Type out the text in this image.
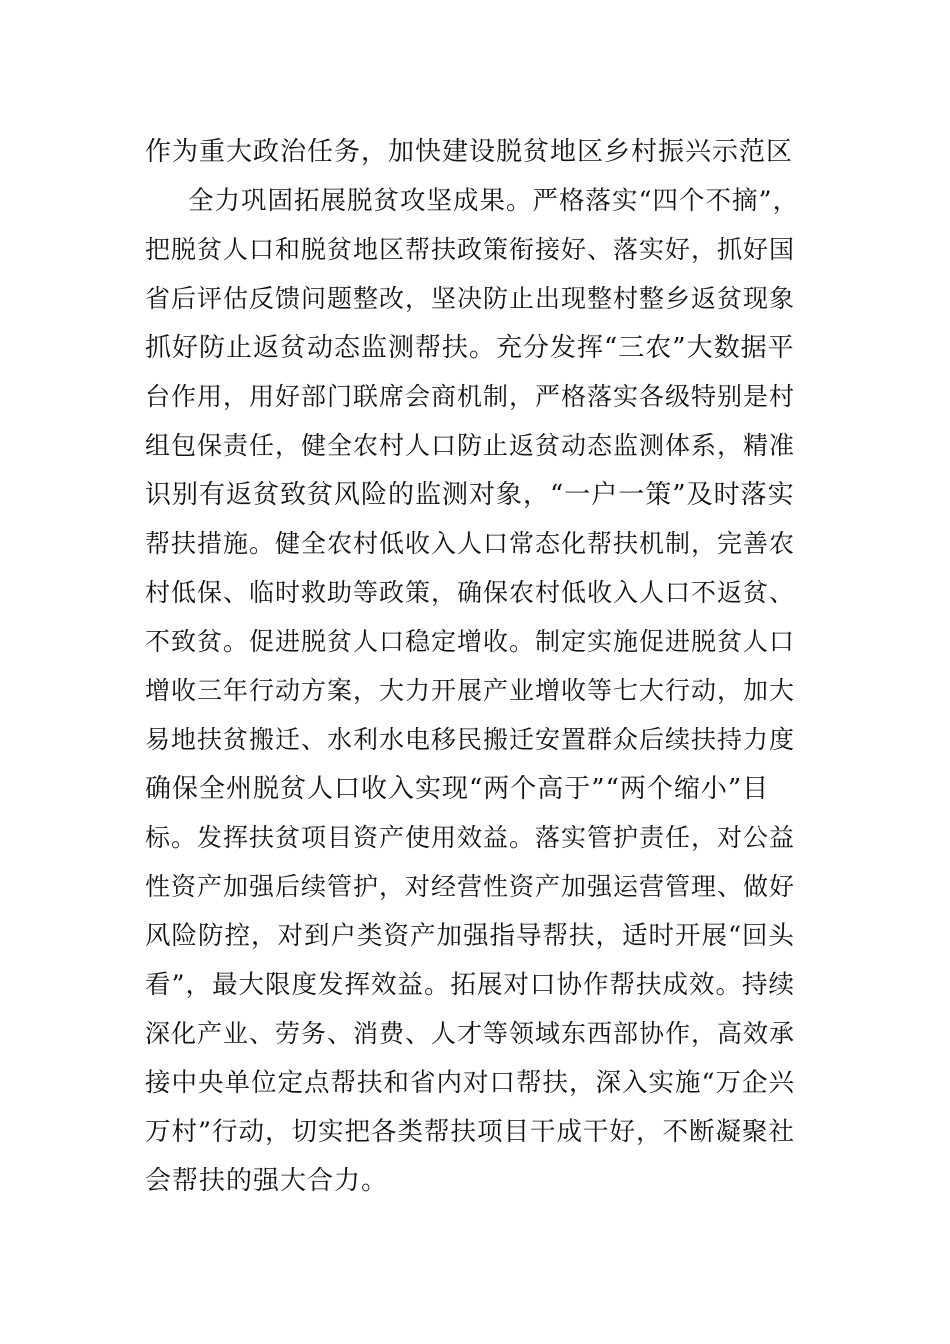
作为重大政治任务，加快建设脱贫地区乡村振兴示范区
全力巩固拓展脱贫攻坚成果。严格落实“四个不摘”，
把脱贫人口和脱贫地区帮扶政策衔接好、落实好，抓好国
省后评估反馈问题整改，坚决防止出现整村整乡返贫现象
抓好防止返贫动态监测帮扶。充分发挥“三农”大数据平
台作用，用好部门联席会商机制，严格落实各级特别是村
组包保责任，健全农村人口防止返贫动态监测体系，精准
识别有返贫致贫风险的监测对象，“一户一策”及时落实
帮扶措施。健全农村低收入人口常态化帮扶机制，完善农
村低保、临时救助等政策，确保农村低收入人口不返贫、
不致贫。促进脱贫人口稳定增收。制定实施促进脱贫人口
增收三年行动方案，大力开展产业增收等七大行动，加大
易地扶贫搬迁、水利水电移民搬迁安置群众后续扶持力度
确保全州脱贫人口收入实现“两个高于”“两个缩小”目
标。发挥扶贫项目资产使用效益。落实管护责任，对公益
性资产加强后续管护，对经营性资产加强运营管理、做好
风险防控，对到户类资产加强指导帮扶，适时开展“回头
看”，最大限度发挥效益。拓展对口协作帮扶成效。持续
深化产业、劳务、消费、人才等领域东西部协作，高效承
接中央单位定点帮扶和省内对口帮扶，深入实施“万企兴
万村”行动，切实把各类帮扶项目干成干好，不断凝聚社
会帮扶的强大合力。
